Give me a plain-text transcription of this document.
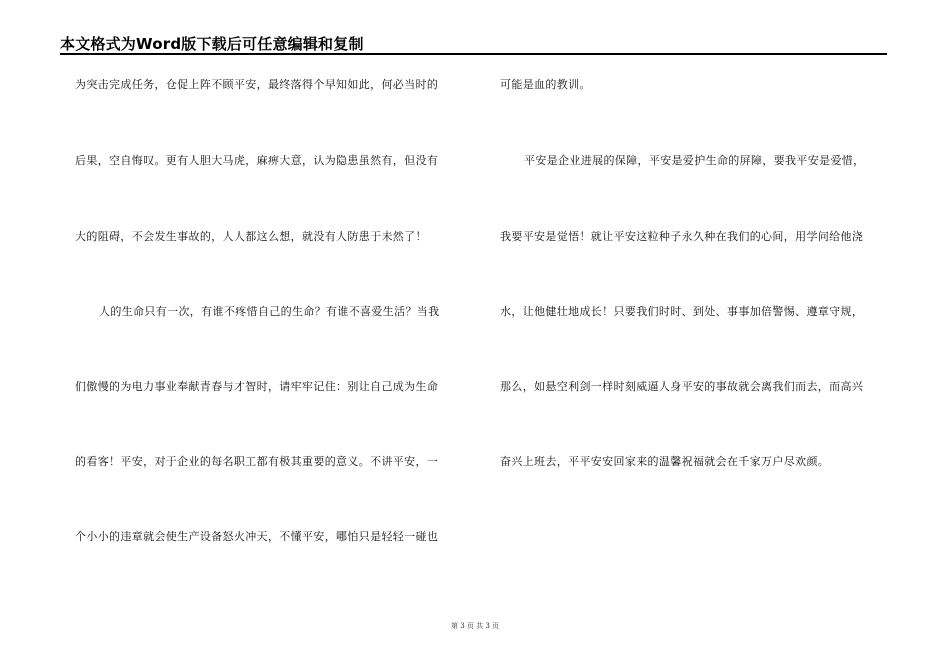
本文格式为Word版下载后可任意编辑和复制
为突击完成任务，仓促上阵不顾平安，最终落得个早知如此，何必当时的
后果，空自悔叹。更有人胆大马虎，麻痹大意，认为隐患虽然有，但没有
大的阻碍，不会发生事故的，人人都这么想，就没有人防患于未然了！
人的生命只有一次，有谁不疼惜自己的生命？有谁不喜爱生活？当我
们傲慢的为电力事业奉献青春与才智时，请牢牢记住：别让自己成为生命
的看客！平安，对于企业的每名职工都有极其重要的意义。不讲平安，一
个小小的违章就会使生产设备怒火冲天，不懂平安，哪怕只是轻轻一碰也
可能是血的教训。
平安是企业进展的保障，平安是爱护生命的屏障，要我平安是爱惜，
我要平安是觉悟！就让平安这粒种子永久种在我们的心间，用学问给他浇
水，让他健壮地成长！只要我们时时、到处、事事加倍警惕、遵章守规，
那么，如悬空利剑一样时刻威逼人身平安的事故就会离我们而去，而高兴
奋兴上班去，平平安安回家来的温馨祝福就会在千家万户尽欢颜。
第 3 页 共 3 页
